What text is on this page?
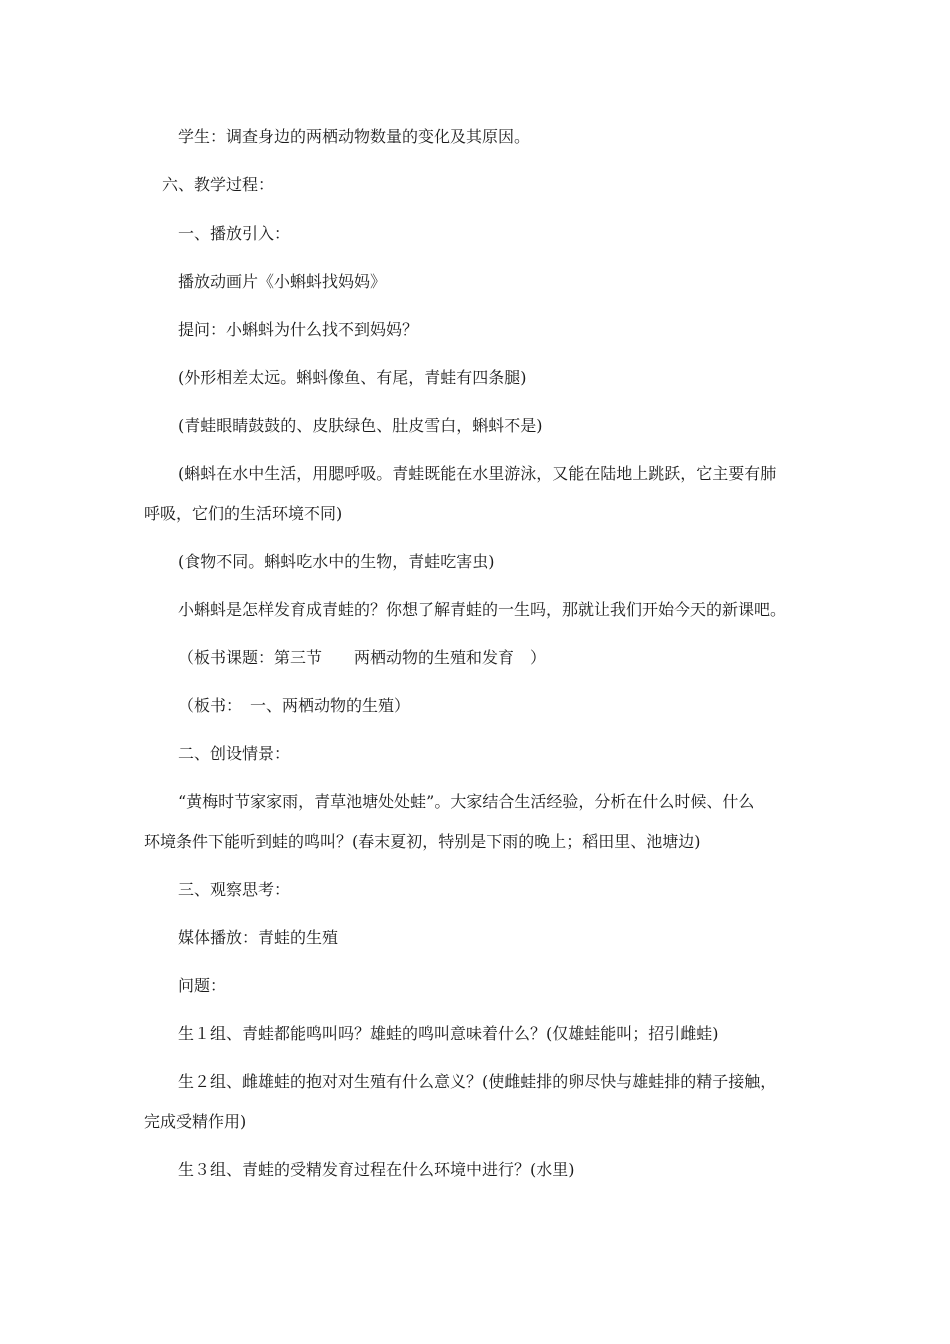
学生：调查身边的两栖动物数量的变化及其原因。
六、教学过程：
一、播放引入：
播放动画片《小蝌蚪找妈妈》
提问：小蝌蚪为什么找不到妈妈？
(外形相差太远。蝌蚪像鱼、有尾，青蛙有四条腿)
(青蛙眼睛鼓鼓的、皮肤绿色、肚皮雪白，蝌蚪不是)
(蝌蚪在水中生活，用腮呼吸。青蛙既能在水里游泳，又能在陆地上跳跃，它主要有肺
呼吸，它们的生活环境不同)
(食物不同。蝌蚪吃水中的生物，青蛙吃害虫)
小蝌蚪是怎样发育成青蛙的？你想了解青蛙的一生吗，那就让我们开始今天的新课吧。
（板书课题：第三节　　两栖动物的生殖和发育　）
（板书：　一、两栖动物的生殖）
二、创设情景：
“黄梅时节家家雨，青草池塘处处蛙”。大家结合生活经验，分析在什么时候、什么
环境条件下能听到蛙的鸣叫？(春末夏初，特别是下雨的晚上；稻田里、池塘边)
三、观察思考：
媒体播放：青蛙的生殖
问题：
生１组、青蛙都能鸣叫吗？雄蛙的鸣叫意味着什么？(仅雄蛙能叫；招引雌蛙)
生２组、雌雄蛙的抱对对生殖有什么意义？(使雌蛙排的卵尽快与雄蛙排的精子接触，
完成受精作用)
生３组、青蛙的受精发育过程在什么环境中进行？(水里)
